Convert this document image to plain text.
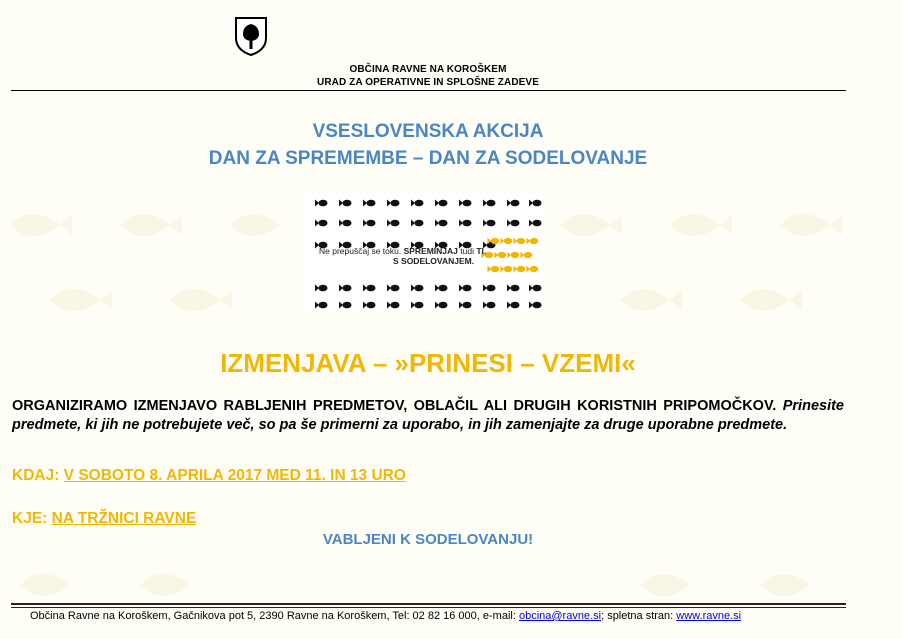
OBČINA RAVNE NA KOROŠKEM
URAD ZA OPERATIVNE IN SPLOŠNE ZADEVE
VSESLOVENSKA AKCIJA
DAN ZA SPREMEMBE – DAN ZA SODELOVANJE
Ne prepuščaj se toku. SPREMINJAJ tudi TI.
S SODELOVANJEM.
IZMENJAVA – »PRINESI – VZEMI«
ORGANIZIRAMO IZMENJAVO RABLJENIH PREDMETOV, OBLAČIL ALI DRUGIH KORISTNIH PRIPOMOČKOV. Prinesite predmete, ki jih ne potrebujete več, so pa še primerni za uporabo, in jih zamenjajte za druge uporabne predmete.
KDAJ: V SOBOTO 8. APRILA 2017 MED 11. IN 13 URO
KJE: NA TRŽNICI RAVNE
VABLJENI K SODELOVANJU!
Občina Ravne na Koroškem, Gačnikova pot 5, 2390 Ravne na Koroškem, Tel: 02 82 16 000, e-mail: obcina@ravne.si; spletna stran: www.ravne.si
